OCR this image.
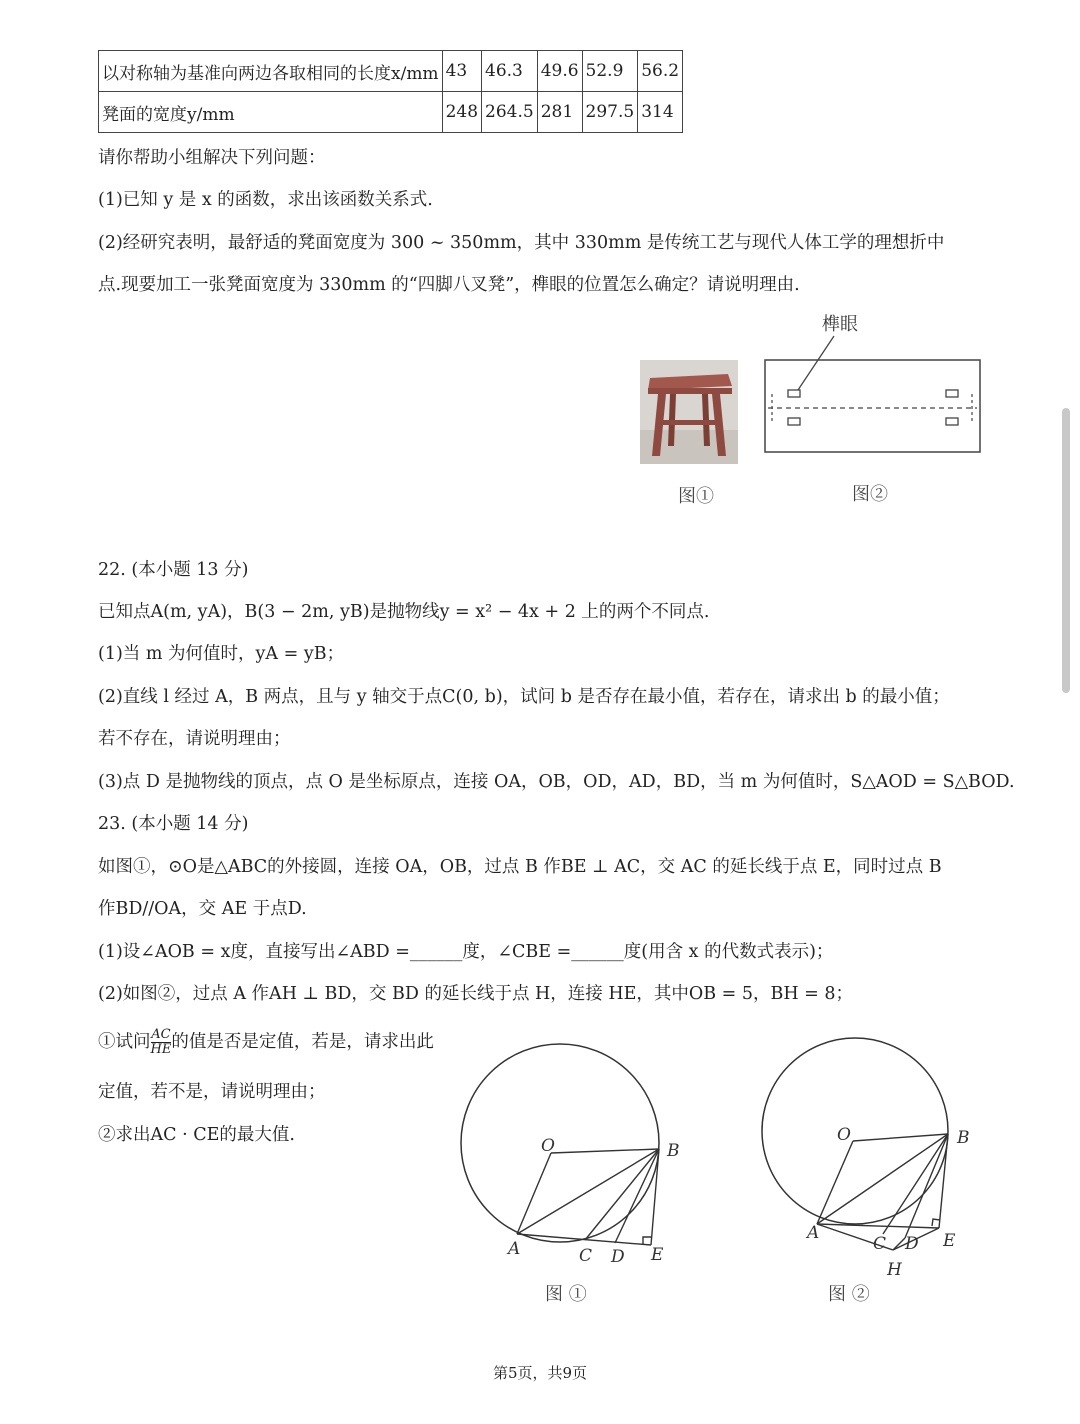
以对称轴为基准向两边各取相同的长度x/mm	43	46.3	49.6	52.9	56.2
凳面的宽度y/mm	248	264.5	281	297.5	314
请你帮助小组解决下列问题：
(1)已知 y 是 x 的函数，求出该函数关系式.
(2)经研究表明，最舒适的凳面宽度为 300 ~ 350mm，其中 330mm 是传统工艺与现代人体工学的理想折中
点.现要加工一张凳面宽度为 330mm 的“四脚八叉凳”，榫眼的位置怎么确定？请说明理由.
图①
榫眼
图②
22. (本小题 13 分)
已知点A(m, yA)，B(3 − 2m, yB)是抛物线y = x² − 4x + 2 上的两个不同点.
(1)当 m 为何值时，yA = yB；
(2)直线 l 经过 A，B 两点，且与 y 轴交于点C(0, b)，试问 b 是否存在最小值，若存在，请求出 b 的最小值；
若不存在，请说明理由；
(3)点 D 是抛物线的顶点，点 O 是坐标原点，连接 OA，OB，OD，AD，BD，当 m 为何值时，S△AOD = S△BOD.
23. (本小题 14 分)
如图①，⊙O是△ABC的外接圆，连接 OA，OB，过点 B 作BE ⊥ AC，交 AC 的延长线于点 E，同时过点 B
作BD//OA，交 AE 于点D.
(1)设∠AOB = x度，直接写出∠ABD =______度，∠CBE =______度(用含 x 的代数式表示)；
(2)如图②，过点 A 作AH ⊥ BD，交 BD 的延长线于点 H，连接 HE，其中OB = 5，BH = 8；
①试问 $\frac{AC}{HE}$ 的值是否是定值，若是，请求出此
定值，若不是，请说明理由；
②求出AC · CE的最大值.
O	B
A	C D E
图 ①
O	B
A
C D E
H
图 ②
第5页，共9页
